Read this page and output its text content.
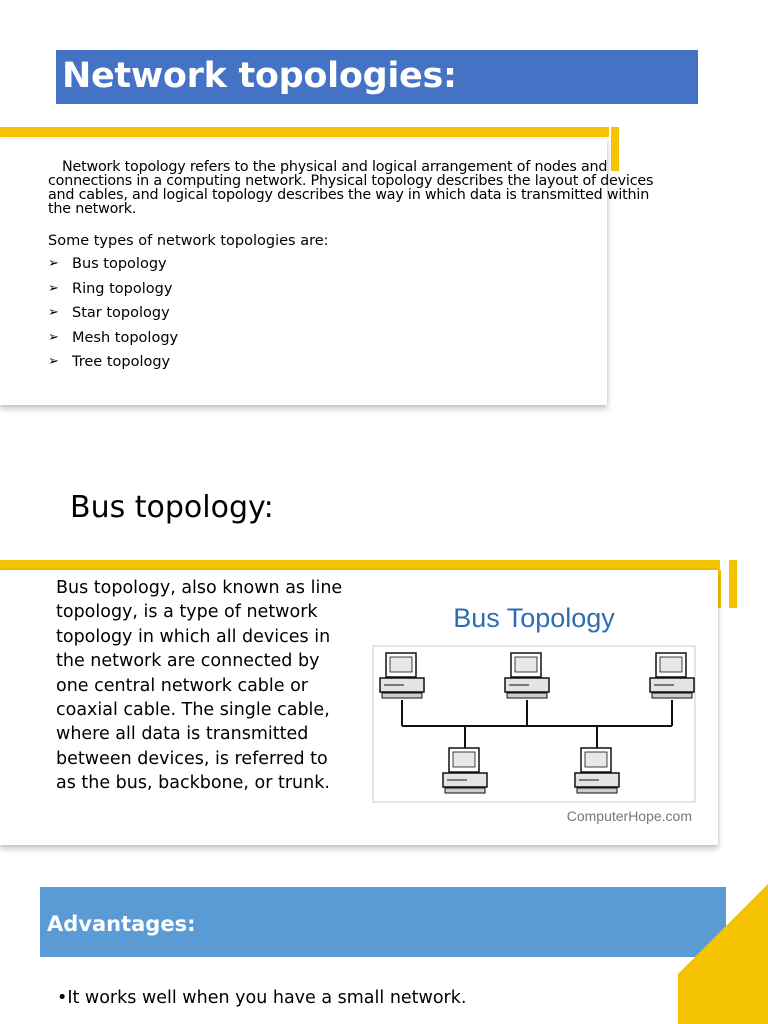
Network topologies:
Network topology refers to the physical and logical arrangement of nodes and connections in a computing network. Physical topology describes the layout of devices and cables, and logical topology describes the way in which data is transmitted within the network.
Some types of network topologies are:
➢ Bus topology
➢ Ring topology
➢ Star topology
➢ Mesh topology
➢ Tree topology
Bus topology:
Bus topology, also known as line topology, is a type of network topology in which all devices in the network are connected by one central network cable or coaxial cable. The single cable, where all data is transmitted between devices, is referred to as the bus, backbone, or trunk.
Bus Topology
ComputerHope.com
Advantages:
•It works well when you have a small network.
